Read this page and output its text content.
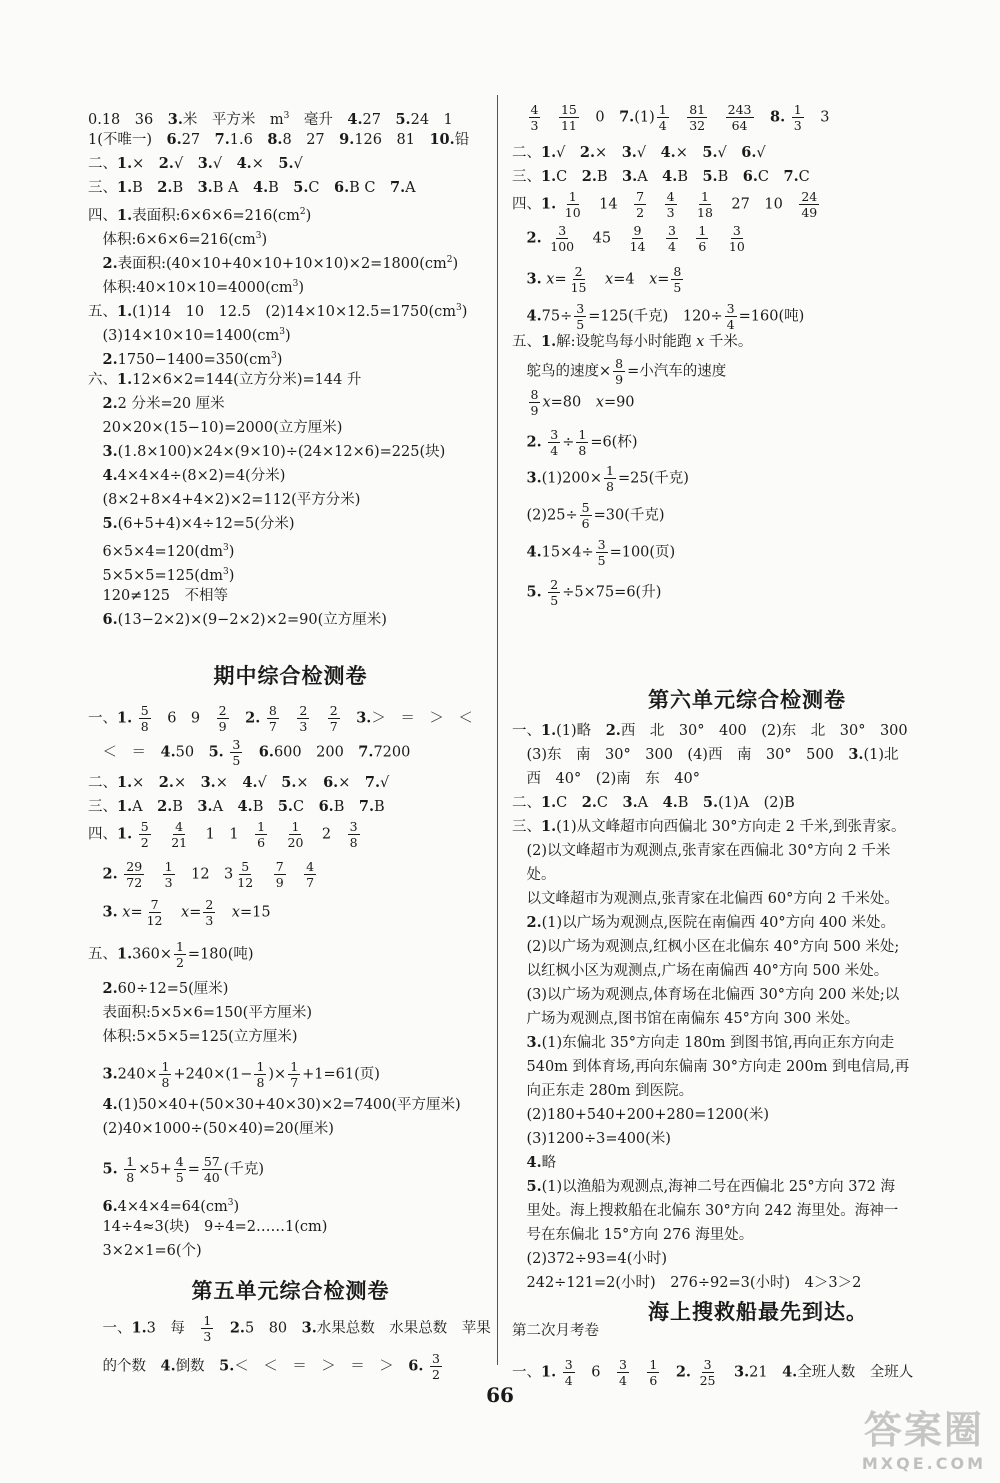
0.18　36　3.米　平方米　$m^3$　毫升　4.27　5.24　1
1(不唯一)　6.27　7.1.6　8.8　27　9.126　81　10.铅
二、1.×　2.√　3.√　4.×　5.√
三、1.B　2.B　3.B A　4.B　5.C　6.B C　7.A
四、1.表面积$:6\times 6\times 6=216(cm^2)$
　体积$:6\times 6\times 6=216(cm^3)$
　2.表面积$:(40\times 10+40\times 10+10\times 10)\times 2=1800(cm^2)$
　体积$:40\times 10\times 10=4000(cm^3)$
五、1.(1)14　10　12.5　$(2)14\times 10\times 12.5=1750(cm^3)$
　$(3)14\times 10\times 10=1400(cm^3)$
　$2.1750-1400=350(cm^3)$
六、1.12×6×2=144(立方分米)=144 升
　2.2 分米=20 厘米
　20×20×(15−10)=2000(立方厘米)
　3.(1.8×100)×24×(9×10)÷(24×12×6)=225(块)
　4.4×4×4÷(8×2)=4(分米)
　(8×2+8×4+4×2)×2=112(平方分米)
　5.(6+5+4)×4÷12=5(分米)
　$6\times 5\times 4=120(dm^3)$
　$5\times 5\times 5=125(dm^3)$
　120≠125　不相等
　6.(13−2×2)×(9−2×2)×2=90(立方厘米)
期中综合检测卷
一、1. $\frac{5}{8}$ 　6　9　 $\frac{2}{9}$
　 2. $\frac{8}{7}$
　 $\frac{2}{3}$
　 $\frac{2}{7}$
　 3.＞　＝　＞　＜
　＜　＝　4.50　5. $\frac{3}{5}$
　 6.600　200　7.7200
二、1.×　2.×　3.×　4.√　5.×　6.×　7.√
三、1.A　2.B　3.A　4.B　5.C　6.B　7.B
四、1. $\frac{5}{2}$
　 $\frac{4}{21}$ 　1　1　 $\frac{1}{6}$
　 $\frac{1}{20}$ 　2　 $\frac{3}{8}$
　2. $\frac{29}{72}$
　 $\frac{1}{3}$ 　12　$3 \frac{5}{12}$
　 $\frac{7}{9}$
　 $\frac{4}{7}$
　3. $x= \frac{7}{12}$
　 $x= \frac{2}{3}$
　 x=15
五、$1.360\times \frac{1}{2} =180$(吨)
　2.60÷12=5(厘米)
　表面积:5×5×6=150(平方厘米)
　体积:5×5×5=125(立方厘米)
　$3.240\times \frac{1}{8} +240\times(1- \frac{1}{8}$ )× $\frac{1}{7} +1=61$(页)
　4.(1)50×40+(50×30+40×30)×2=7400(平方厘米)
　(2)40×1000÷(50×40)=20(厘米)
　5. $\frac{1}{8} \times 5+ \frac{4}{5} = \frac{57}{40}$ (千克)
　$6.4\times 4\times 4=64(cm^3)$
　14÷4≈3(块)　9÷4=2……1(cm)
　3×2×1=6(个)
第五单元综合检测卷
　一、1.3　每　 $\frac{1}{3}$
　 2.5　80　3.水果总数　水果总数　苹果
　的个数　4.倒数　5.＜　＜　＝　＞　＝　＞　6. $\frac{3}{2}$

$\frac{4}{3}$
　 $\frac{15}{11}$ 　0　$7.(1) \frac{1}{4}$
　 $\frac{81}{32}$
　 $\frac{243}{64}$
　 8. $\frac{1}{3}$ 　3
二、1.√　2.×　3.√　4.×　5.√　6.√
三、1.C　2.B　3.A　4.B　5.B　6.C　7.C
四、1. $\frac{1}{10}$ 　14　 $\frac{7}{2}$
　 $\frac{4}{3}$
　 $\frac{1}{18}$ 　27　10　 $\frac{24}{49}$
　2. $\frac{3}{100}$ 　45　 $\frac{9}{14}$
　 $\frac{3}{4}$
　 $\frac{1}{6}$
　 $\frac{3}{10}$
　3. $x= \frac{2}{15}$
　 x=4　$x= \frac{8}{5}$
　$4.75\div \frac{3}{5} =125$(千克)　$120\div \frac{3}{4} =160$(吨)
五、1.解:设鸵鸟每小时能跑 x 千米。
　鸵鸟的速度× $\frac{8}{9}$ =小汽车的速度

$\frac{8}{9} x=80$　x=90
　2. $\frac{3}{4} \div \frac{1}{8} =6$(杯)
　$3.(1)200\times \frac{1}{8} =25$(千克)
　$(2)25\div \frac{5}{6} =30$(千克)
　$4.15\times 4\div \frac{3}{5} =100$(页)
　5. $\frac{2}{5} \div 5\times 75=6$(升)
第六单元综合检测卷
一、1.(1)略　2.西　北　30°　400　(2)东　北　30°　300
　(3)东　南　30°　300　(4)西　南　30°　500　3.(1)北
　西　40°　(2)南　东　40°
二、1.C　2.C　3.A　4.B　5.(1)A　(2)B
三、1.(1)从文峰超市向西偏北 30°方向走 2 千米,到张青家。
　(2)以文峰超市为观测点,张青家在西偏北 30°方向 2 千米
　处。
　以文峰超市为观测点,张青家在北偏西 60°方向 2 千米处。
　2.(1)以广场为观测点,医院在南偏西 40°方向 400 米处。
　(2)以广场为观测点,红枫小区在北偏东 40°方向 500 米处;
　以红枫小区为观测点,广场在南偏西 40°方向 500 米处。
　(3)以广场为观测点,体育场在北偏西 30°方向 200 米处;以
　广场为观测点,图书馆在南偏东 45°方向 300 米处。
　3.(1)东偏北 35°方向走 180m 到图书馆,再向正东方向走
　540m 到体育场,再向东偏南 30°方向走 200m 到电信局,再
　向正东走 280m 到医院。
　(2)180+540+200+280=1200(米)
　(3)1200÷3=400(米)
　4.略
　5.(1)以渔船为观测点,海神二号在西偏北 25°方向 372 海
　里处。海上搜救船在北偏东 30°方向 242 海里处。海神一
　号在东偏北 15°方向 276 海里处。
　(2)372÷93=4(小时)
　242÷121=2(小时)　276÷92=3(小时)　4＞3＞2
　海上搜救船最先到达。
第二次月考卷
一、1. $\frac{3}{4}$ 　6　 $\frac{3}{4}$
　 $\frac{1}{6}$
　 2. $\frac{3}{25}$
　 3.21　4.全班人数　全班人
66
答案圈
MXQE.COM
